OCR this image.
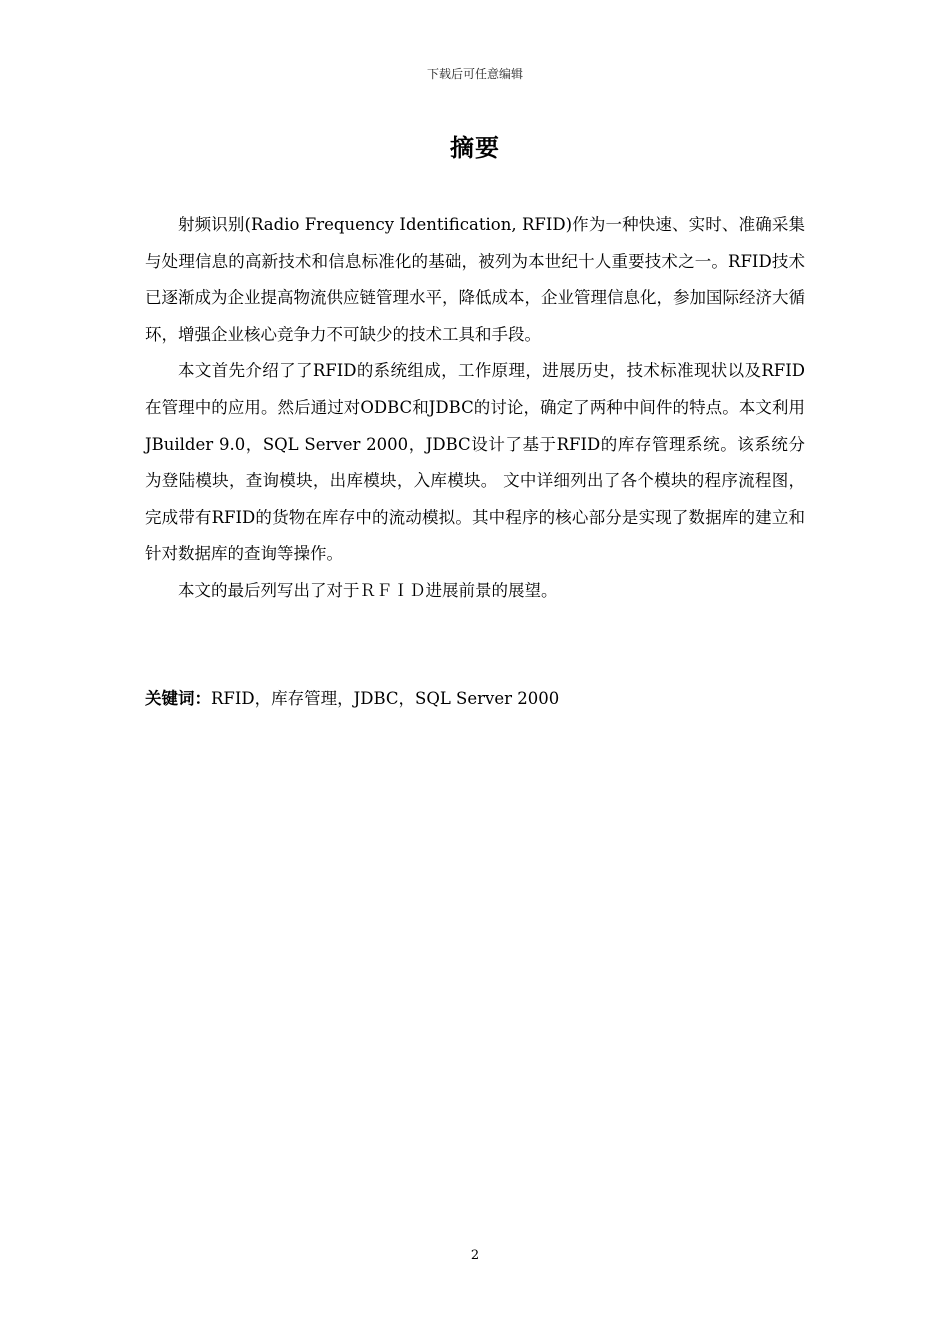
下载后可任意编辑
摘要

射频识别(Radio Frequency Identification, RFID)作为一种快速、实时、准确采集与处理信息的高新技术和信息标准化的基础，被列为本世纪十人重要技术之一。RFID技术已逐渐成为企业提高物流供应链管理水平，降低成本，企业管理信息化，参加国际经济大循环，增强企业核心竞争力不可缺少的技术工具和手段。

本文首先介绍了了RFID的系统组成，工作原理，进展历史，技术标准现状以及RFID在管理中的应用。然后通过对ODBC和JDBC的讨论，确定了两种中间件的特点。本文利用JBuilder 9.0，SQL Server 2000，JDBC设计了基于RFID的库存管理系统。该系统分为登陆模块，查询模块，出库模块，入库模块。 文中详细列出了各个模块的程序流程图，完成带有RFID的货物在库存中的流动模拟。其中程序的核心部分是实现了数据库的建立和针对数据库的查询等操作。

本文的最后列写出了对于ＲＦＩＤ进展前景的展望。

关键词：RFID，库存管理，JDBC，SQL Server 2000
2
